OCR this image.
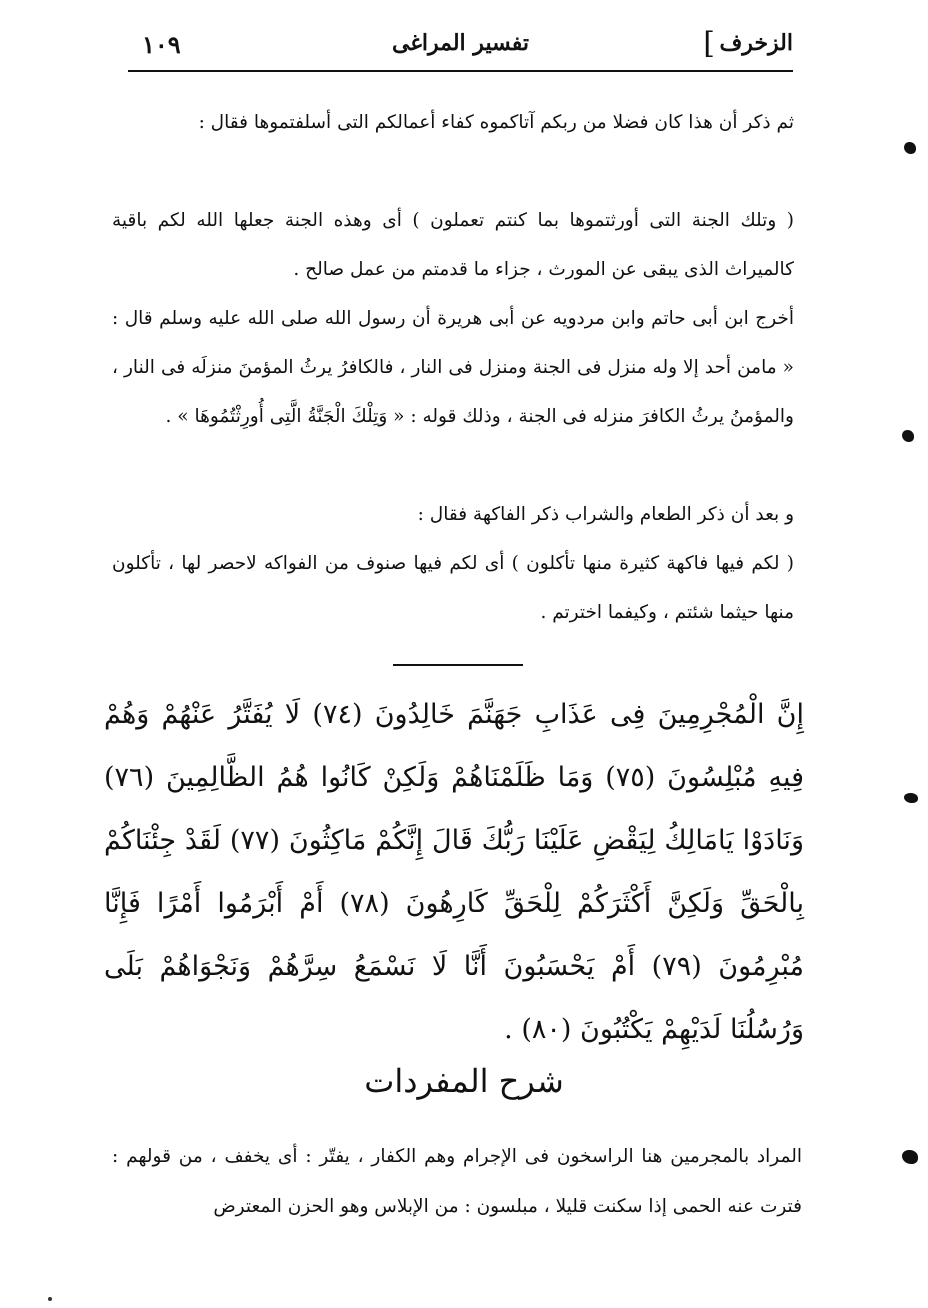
الزخرف
]
تفسير المراغى
١٠٩

ثم ذكر أن هذا كان فضلا من ربكم آتاكموه كفاء أعمالكم التى أسلفتموها فقال :

( وتلك الجنة التى أورثتموها بما كنتم تعملون ) أى وهذه الجنة جعلها الله لكم باقية كالميراث الذى يبقى عن المورث ، جزاء ما قدمتم من عمل صالح .

أخرج ابن أبى حاتم وابن مردويه عن أبى هريرة أن رسول الله صلى الله عليه وسلم قال : « مامن أحد إلا وله منزل فى الجنة ومنزل فى النار ، فالكافرُ يرثُ المؤمنَ منزلَه فى النار ، والمؤمنُ يرثُ الكافرَ منزله فى الجنة ، وذلك قوله : « وَتِلْكَ الْجَنَّةُ الَّتِى أُورِثْتُمُوهَا » .

و بعد أن ذكر الطعام والشراب ذكر الفاكهة فقال :

( لكم فيها فاكهة كثيرة منها تأكلون ) أى لكم فيها صنوف من الفواكه لاحصر لها ، تأكلون منها حيثما شئتم ، وكيفما اخترتم .

إِنَّ الْمُجْرِمِينَ فِى عَذَابِ جَهَنَّمَ خَالِدُونَ (٧٤) لَا يُفَتَّرُ عَنْهُمْ وَهُمْ فِيهِ مُبْلِسُونَ (٧٥) وَمَا ظَلَمْنَاهُمْ وَلَكِنْ كَانُوا هُمُ الظَّالِمِينَ (٧٦) وَنَادَوْا يَامَالِكُ لِيَقْضِ عَلَيْنَا رَبُّكَ قَالَ إِنَّكُمْ مَاكِثُونَ (٧٧) لَقَدْ جِئْنَاكُمْ بِالْحَقِّ وَلَكِنَّ أَكْثَرَكُمْ لِلْحَقِّ كَارِهُونَ (٧٨) أَمْ أَبْرَمُوا أَمْرًا فَإِنَّا مُبْرِمُونَ (٧٩) أَمْ يَحْسَبُونَ أَنَّا لَا نَسْمَعُ سِرَّهُمْ وَنَجْوَاهُمْ بَلَى وَرُسُلُنَا لَدَيْهِمْ يَكْتُبُونَ (٨٠) .

شرح المفردات

المراد بالمجرمين هنا الراسخون فى الإجرام وهم الكفار ، يفتّر : أى يخفف ، من قولهم : فترت عنه الحمى إذا سكنت قليلا ، مبلسون : من الإبلاس وهو الحزن المعترض
